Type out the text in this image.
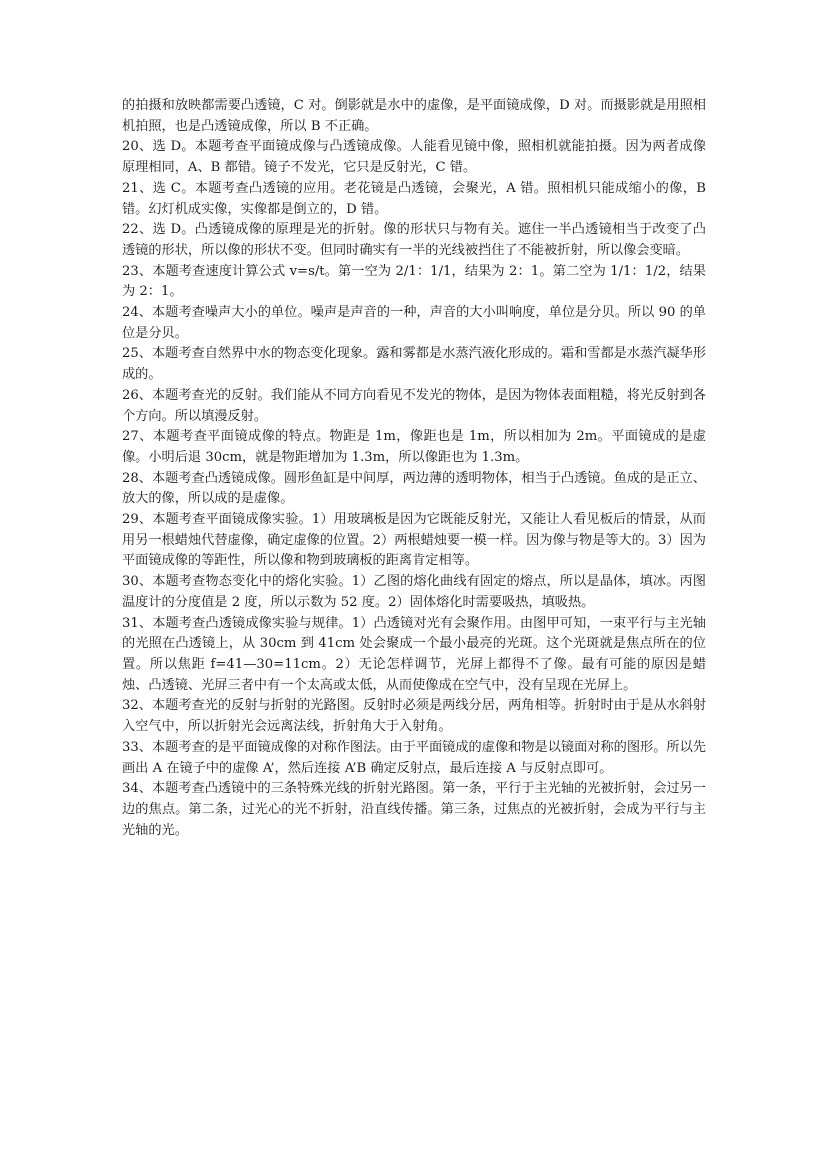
的拍摄和放映都需要凸透镜，C 对。倒影就是水中的虚像，是平面镜成像，D 对。而摄影就是用照相机拍照，也是凸透镜成像，所以 B 不正确。

20、选 D。本题考查平面镜成像与凸透镜成像。人能看见镜中像，照相机就能拍摄。因为两者成像原理相同，A、B 都错。镜子不发光，它只是反射光，C 错。

21、选 C。本题考查凸透镜的应用。老花镜是凸透镜，会聚光，A 错。照相机只能成缩小的像，B 错。幻灯机成实像，实像都是倒立的，D 错。

22、选 D。凸透镜成像的原理是光的折射。像的形状只与物有关。遮住一半凸透镜相当于改变了凸透镜的形状，所以像的形状不变。但同时确实有一半的光线被挡住了不能被折射，所以像会变暗。

23、本题考查速度计算公式 v=s/t。第一空为 2/1：1/1，结果为 2：1。第二空为 1/1：1/2，结果为 2：1。

24、本题考查噪声大小的单位。噪声是声音的一种，声音的大小叫响度，单位是分贝。所以 90 的单位是分贝。

25、本题考查自然界中水的物态变化现象。露和雾都是水蒸汽液化形成的。霜和雪都是水蒸汽凝华形成的。

26、本题考查光的反射。我们能从不同方向看见不发光的物体，是因为物体表面粗糙，将光反射到各个方向。所以填漫反射。

27、本题考查平面镜成像的特点。物距是 1m，像距也是 1m，所以相加为 2m。平面镜成的是虚像。小明后退 30cm，就是物距增加为 1.3m，所以像距也为 1.3m。

28、本题考查凸透镜成像。圆形鱼缸是中间厚，两边薄的透明物体，相当于凸透镜。鱼成的是正立、放大的像，所以成的是虚像。

29、本题考查平面镜成像实验。1）用玻璃板是因为它既能反射光，又能让人看见板后的情景，从而用另一根蜡烛代替虚像，确定虚像的位置。2）两根蜡烛要一模一样。因为像与物是等大的。3）因为平面镜成像的等距性，所以像和物到玻璃板的距离肯定相等。

30、本题考查物态变化中的熔化实验。1）乙图的熔化曲线有固定的熔点，所以是晶体，填冰。丙图温度计的分度值是 2 度，所以示数为 52 度。2）固体熔化时需要吸热，填吸热。

31、本题考查凸透镜成像实验与规律。1）凸透镜对光有会聚作用。由图甲可知，一束平行与主光轴的光照在凸透镜上，从 30cm 到 41cm 处会聚成一个最小最亮的光斑。这个光斑就是焦点所在的位置。所以焦距 f=41—30=11cm。2）无论怎样调节，光屏上都得不了像。最有可能的原因是蜡烛、凸透镜、光屏三者中有一个太高或太低，从而使像成在空气中，没有呈现在光屏上。

32、本题考查光的反射与折射的光路图。反射时必须是两线分居，两角相等。折射时由于是从水斜射入空气中，所以折射光会远离法线，折射角大于入射角。

33、本题考查的是平面镜成像的对称作图法。由于平面镜成的虚像和物是以镜面对称的图形。所以先画出 A 在镜子中的虚像 A’，然后连接 A’B 确定反射点，最后连接 A 与反射点即可。

34、本题考查凸透镜中的三条特殊光线的折射光路图。第一条，平行于主光轴的光被折射，会过另一边的焦点。第二条，过光心的光不折射，沿直线传播。第三条，过焦点的光被折射，会成为平行与主光轴的光。
